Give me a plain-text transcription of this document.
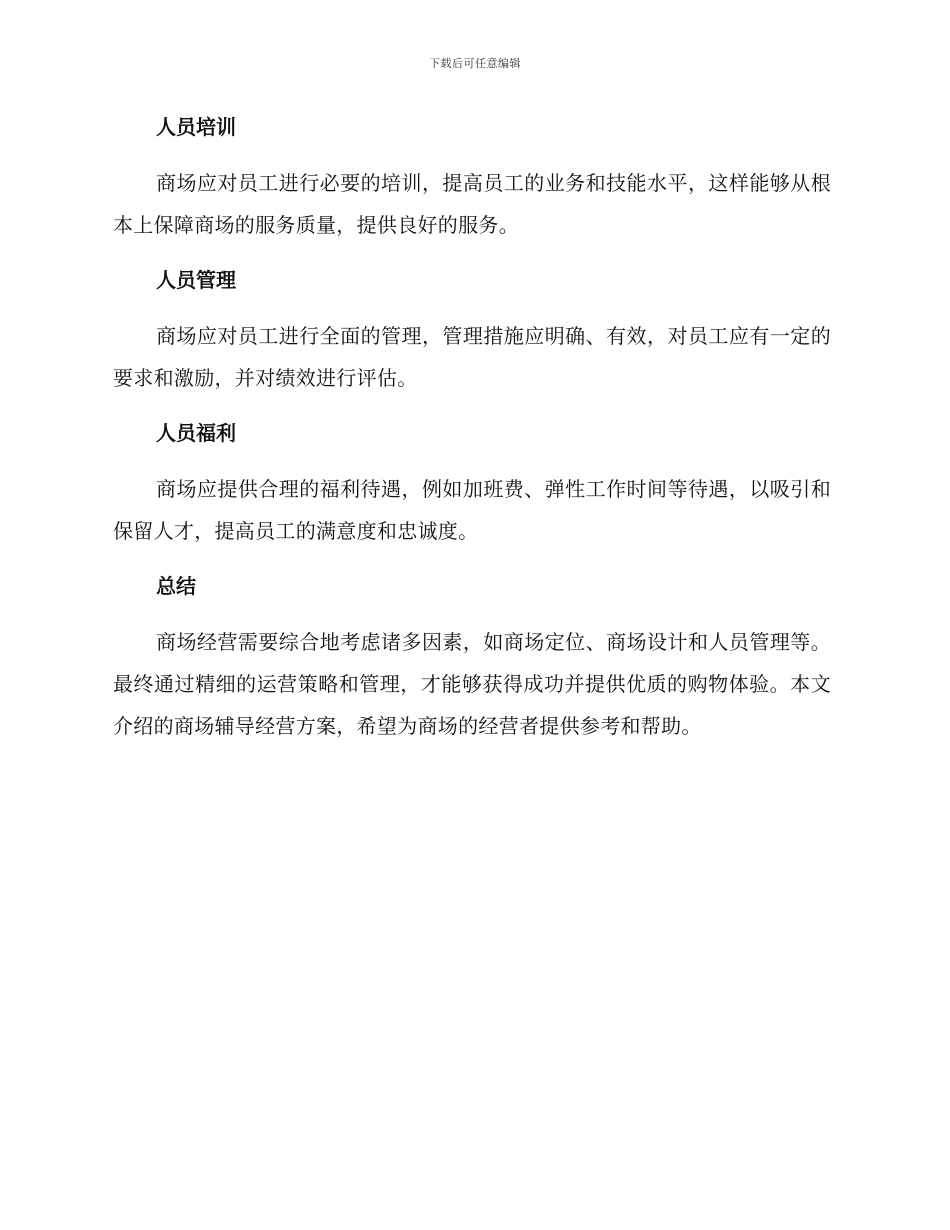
下载后可任意编辑
人员培训

商场应对员工进行必要的培训，提高员工的业务和技能水平，这样能够从根本上保障商场的服务质量，提供良好的服务。

人员管理

商场应对员工进行全面的管理，管理措施应明确、有效，对员工应有一定的要求和激励，并对绩效进行评估。

人员福利

商场应提供合理的福利待遇，例如加班费、弹性工作时间等待遇，以吸引和保留人才，提高员工的满意度和忠诚度。

总结

商场经营需要综合地考虑诸多因素，如商场定位、商场设计和人员管理等。最终通过精细的运营策略和管理，才能够获得成功并提供优质的购物体验。本文介绍的商场辅导经营方案，希望为商场的经营者提供参考和帮助。
